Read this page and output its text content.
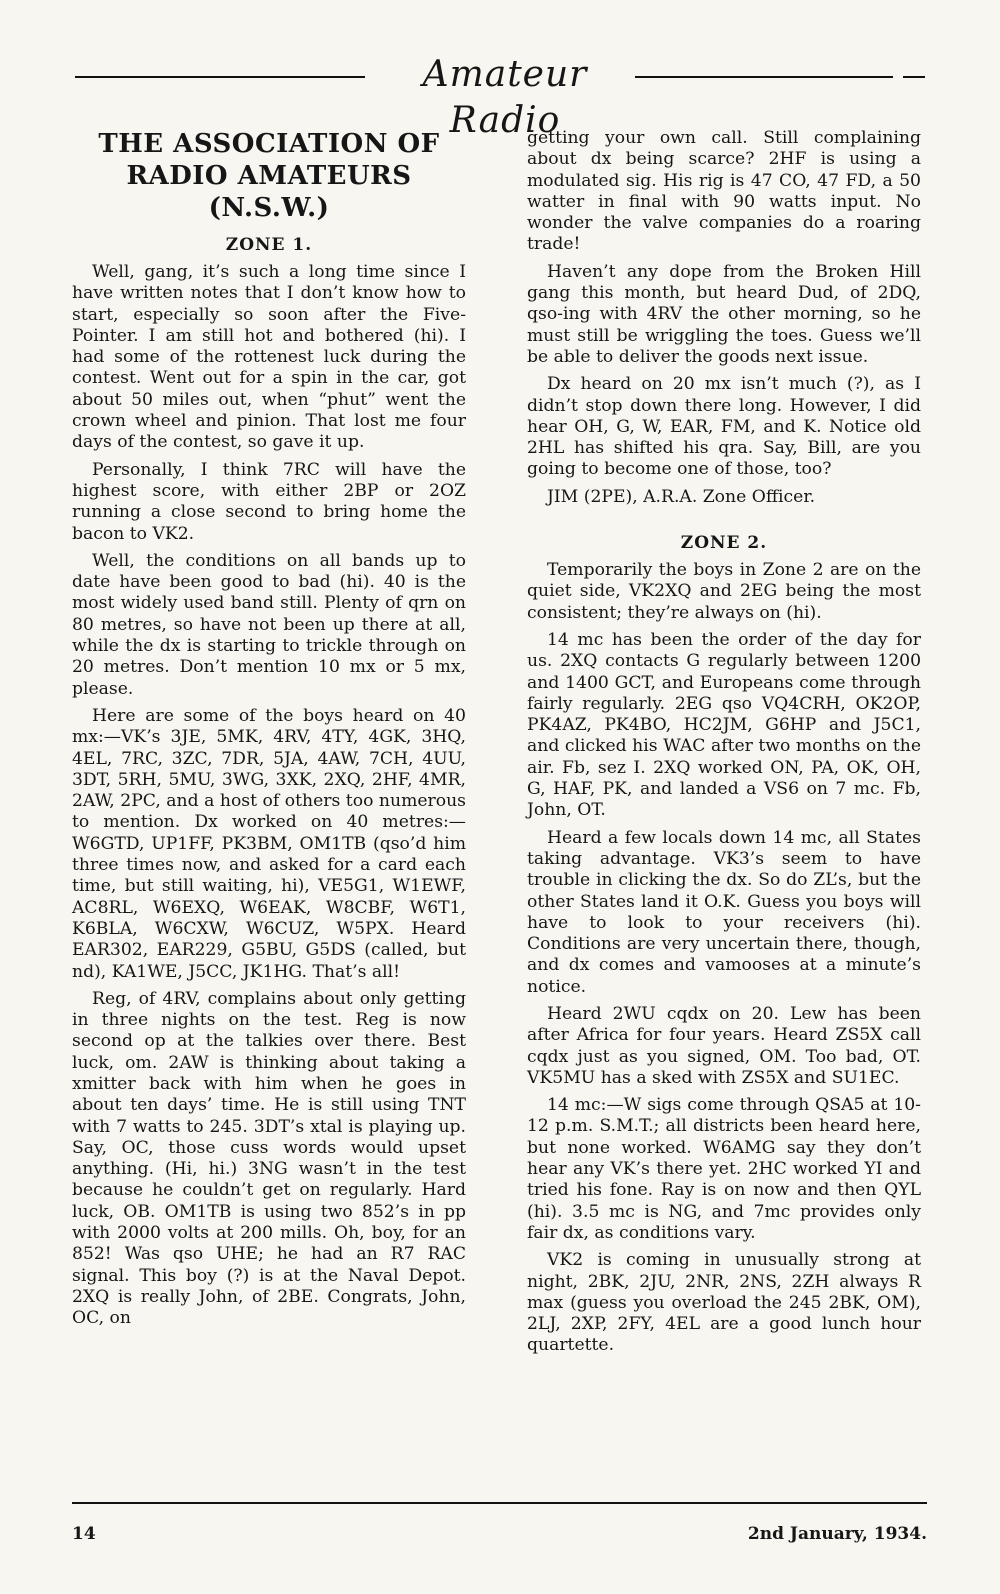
Amateur Radio
THE ASSOCIATION OF RADIO AMATEURS (N.S.W.)
ZONE 1.

Well, gang, it’s such a long time since I have written notes that I don’t know how to start, especially so soon after the Five-Pointer. I am still hot and bothered (hi). I had some of the rottenest luck during the contest. Went out for a spin in the car, got about 50 miles out, when “phut” went the crown wheel and pinion. That lost me four days of the contest, so gave it up.

Personally, I think 7RC will have the highest score, with either 2BP or 2OZ running a close second to bring home the bacon to VK2.

Well, the conditions on all bands up to date have been good to bad (hi). 40 is the most widely used band still. Plenty of qrn on 80 metres, so have not been up there at all, while the dx is starting to trickle through on 20 metres. Don’t mention 10 mx or 5 mx, please.

Here are some of the boys heard on 40 mx:—VK’s 3JE, 5MK, 4RV, 4TY, 4GK, 3HQ, 4EL, 7RC, 3ZC, 7DR, 5JA, 4AW, 7CH, 4UU, 3DT, 5RH, 5MU, 3WG, 3XK, 2XQ, 2HF, 4MR, 2AW, 2PC, and a host of others too numerous to mention. Dx worked on 40 metres:—W6GTD, UP1FF, PK3BM, OM1TB (qso’d him three times now, and asked for a card each time, but still waiting, hi), VE5G1, W1EWF, AC8RL, W6EXQ, W6EAK, W8CBF, W6T1, K6BLA, W6CXW, W6CUZ, W5PX. Heard EAR302, EAR229, G5BU, G5DS (called, but nd), KA1WE, J5CC, JK1HG. That’s all!

Reg, of 4RV, complains about only getting in three nights on the test. Reg is now second op at the talkies over there. Best luck, om. 2AW is thinking about taking a xmitter back with him when he goes in about ten days’ time. He is still using TNT with 7 watts to 245. 3DT’s xtal is playing up. Say, OC, those cuss words would upset anything. (Hi, hi.) 3NG wasn’t in the test because he couldn’t get on regularly. Hard luck, OB. OM1TB is using two 852’s in pp with 2000 volts at 200 mills. Oh, boy, for an 852! Was qso UHE; he had an R7 RAC signal. This boy (?) is at the Naval Depot. 2XQ is really John, of 2BE. Congrats, John, OC, on

getting your own call. Still complaining about dx being scarce? 2HF is using a modulated sig. His rig is 47 CO, 47 FD, a 50 watter in final with 90 watts input. No wonder the valve companies do a roaring trade!

Haven’t any dope from the Broken Hill gang this month, but heard Dud, of 2DQ, qso-ing with 4RV the other morning, so he must still be wriggling the toes. Guess we’ll be able to deliver the goods next issue.

Dx heard on 20 mx isn’t much (?), as I didn’t stop down there long. However, I did hear OH, G, W, EAR, FM, and K. Notice old 2HL has shifted his qra. Say, Bill, are you going to become one of those, too?

JIM (2PE), A.R.A. Zone Officer.

ZONE 2.

Temporarily the boys in Zone 2 are on the quiet side, VK2XQ and 2EG being the most consistent; they’re always on (hi).

14 mc has been the order of the day for us. 2XQ contacts G regularly between 1200 and 1400 GCT, and Europeans come through fairly regularly. 2EG qso VQ4CRH, OK2OP, PK4AZ, PK4BO, HC2JM, G6HP and J5C1, and clicked his WAC after two months on the air. Fb, sez I. 2XQ worked ON, PA, OK, OH, G, HAF, PK, and landed a VS6 on 7 mc. Fb, John, OT.

Heard a few locals down 14 mc, all States taking advantage. VK3’s seem to have trouble in clicking the dx. So do ZL’s, but the other States land it O.K. Guess you boys will have to look to your receivers (hi). Conditions are very uncertain there, though, and dx comes and vamooses at a minute’s notice.

Heard 2WU cqdx on 20. Lew has been after Africa for four years. Heard ZS5X call cqdx just as you signed, OM. Too bad, OT. VK5MU has a sked with ZS5X and SU1EC.

14 mc:—W sigs come through QSA5 at 10-12 p.m. S.M.T.; all districts been heard here, but none worked. W6AMG say they don’t hear any VK’s there yet. 2HC worked YI and tried his fone. Ray is on now and then QYL (hi). 3.5 mc is NG, and 7mc provides only fair dx, as conditions vary.

VK2 is coming in unusually strong at night, 2BK, 2JU, 2NR, 2NS, 2ZH always R max (guess you overload the 245 2BK, OM), 2LJ, 2XP, 2FY, 4EL are a good lunch hour quartette.

14	2nd January, 1934.
